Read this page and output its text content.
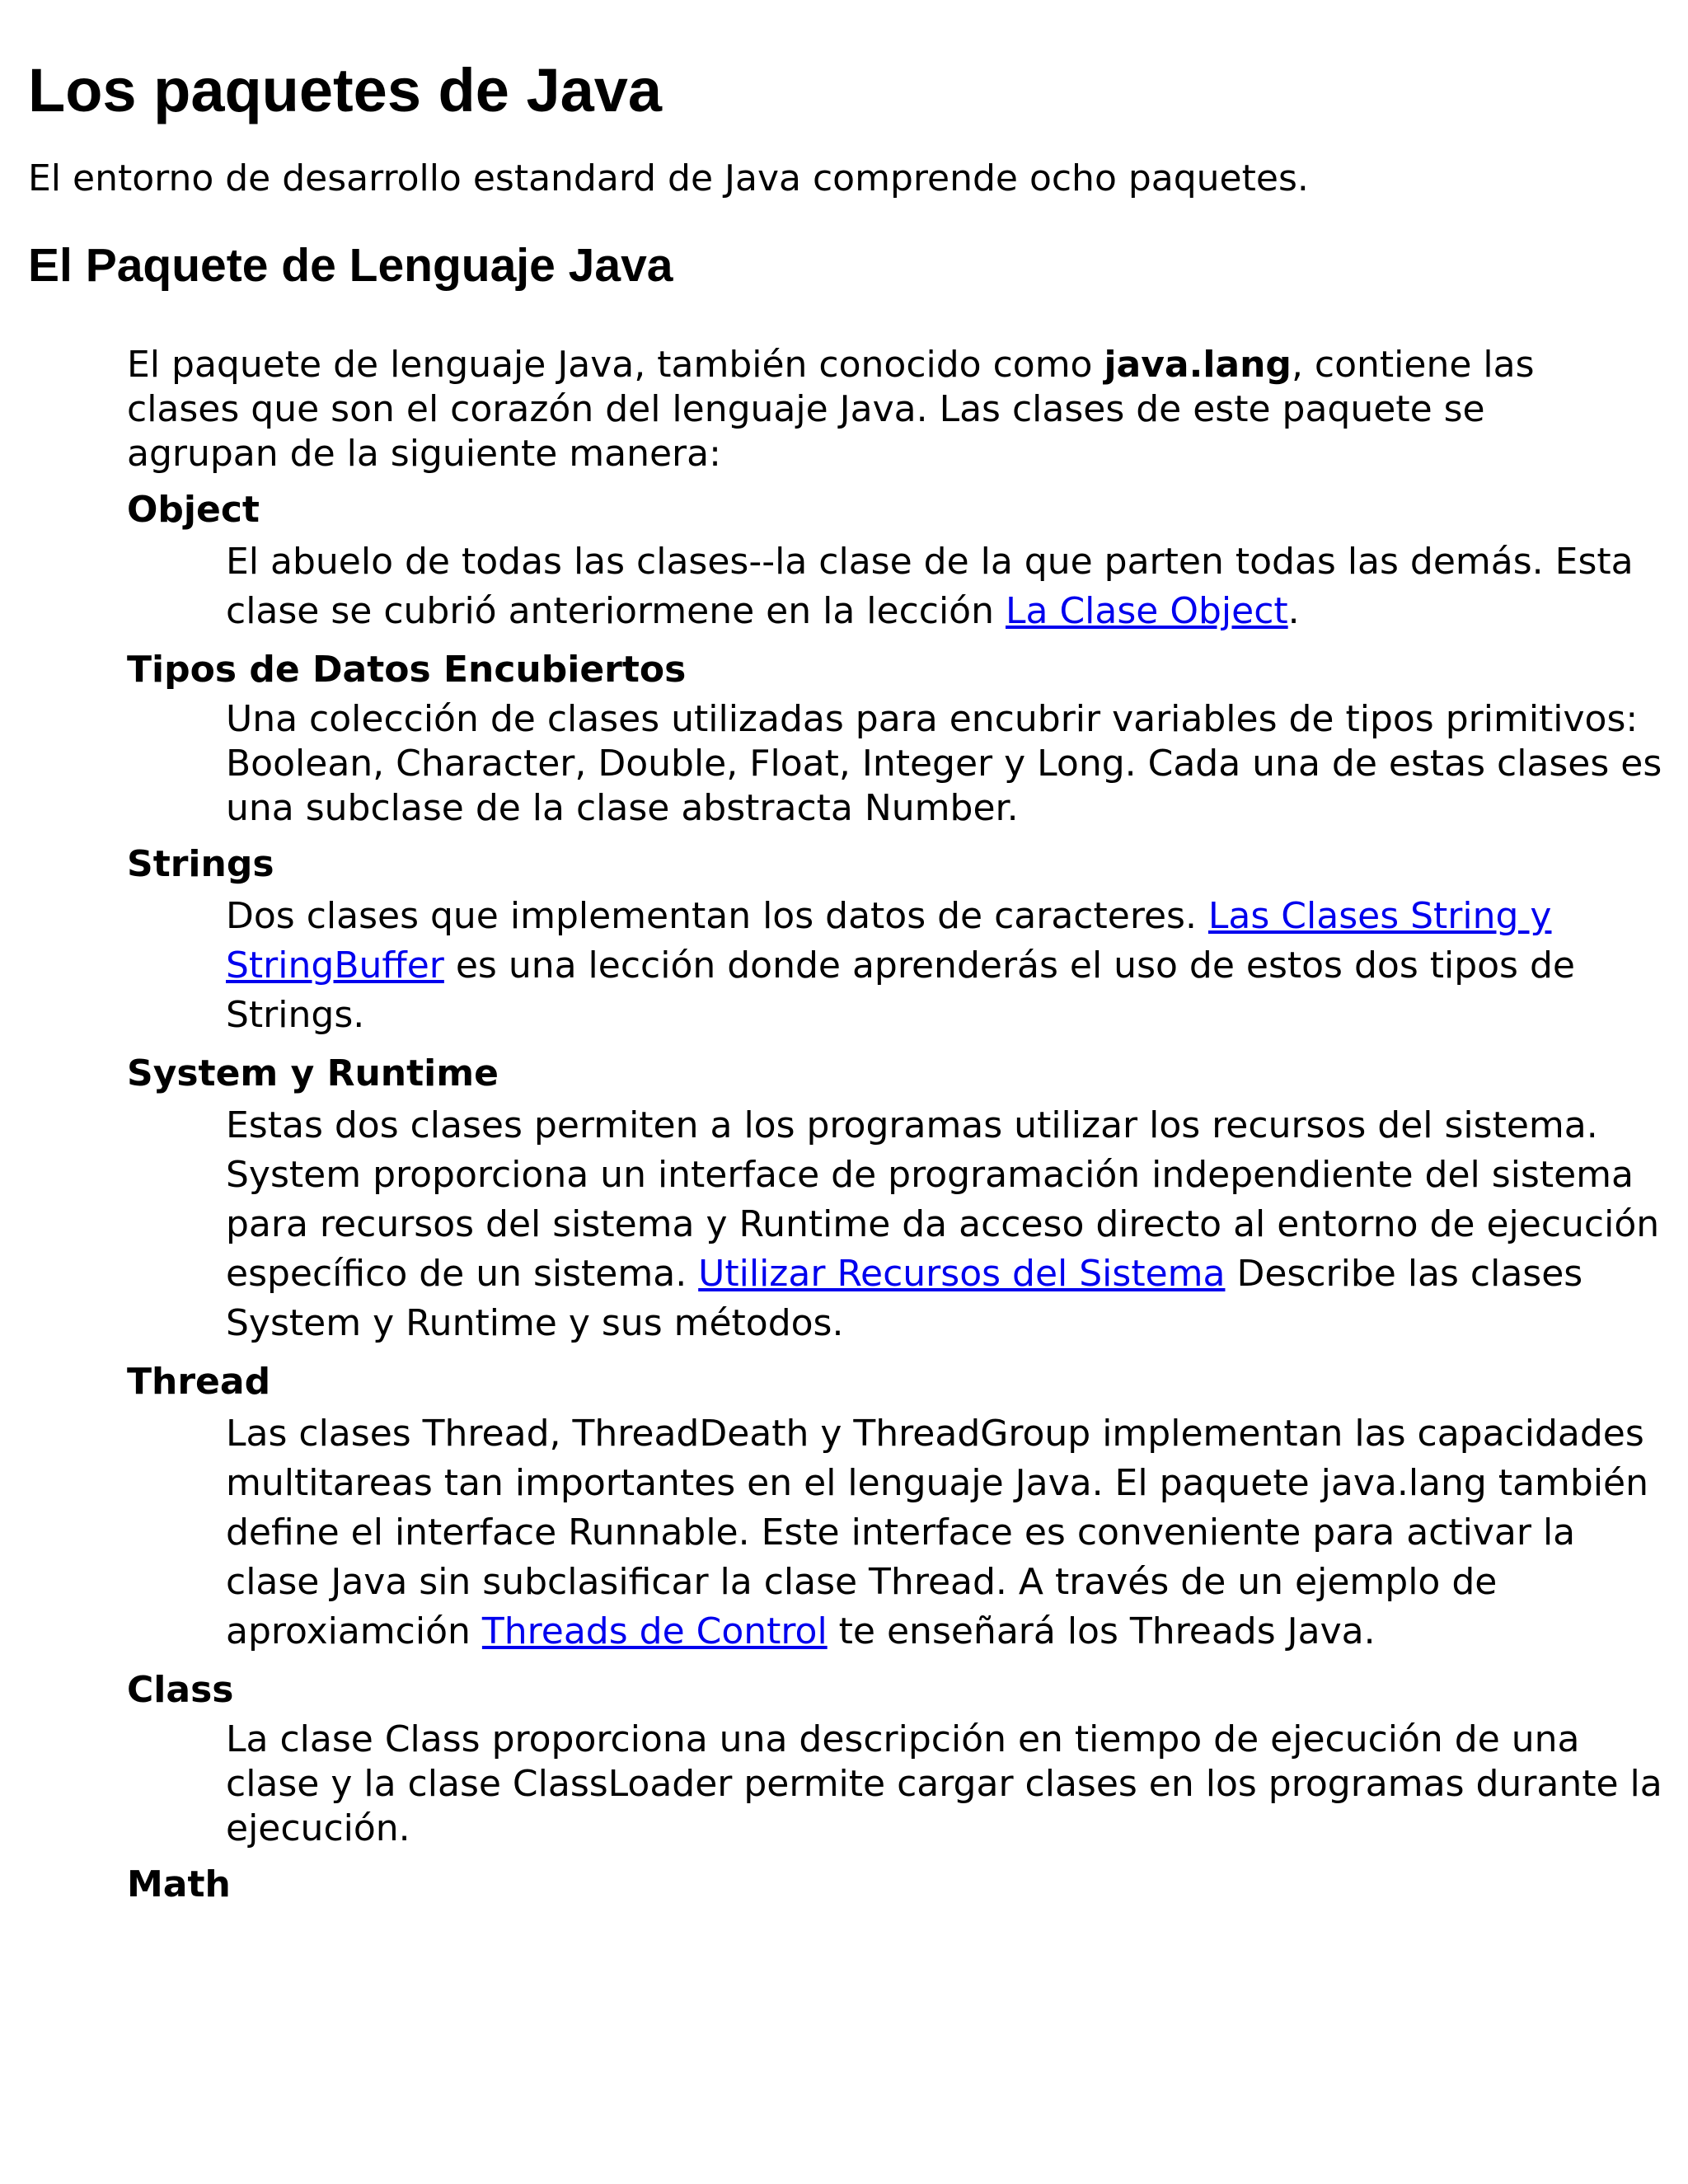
Los paquetes de Java

El entorno de desarrollo estandard de Java comprende ocho paquetes.

El Paquete de Lenguaje Java

El paquete de lenguaje Java, también conocido como java.lang, contiene las clases que son el corazón del lenguaje Java. Las clases de este paquete se agrupan de la siguiente manera:

Object
El abuelo de todas las clases--la clase de la que parten todas las demás. Esta clase se cubrió anteriormene en la lección La Clase Object.
Tipos de Datos Encubiertos
Una colección de clases utilizadas para encubrir variables de tipos primitivos: Boolean, Character, Double, Float, Integer y Long. Cada una de estas clases es una subclase de la clase abstracta Number.
Strings
Dos clases que implementan los datos de caracteres. Las Clases String y StringBuffer es una lección donde aprenderás el uso de estos dos tipos de Strings.
System y Runtime
Estas dos clases permiten a los programas utilizar los recursos del sistema. System proporciona un interface de programación independiente del sistema para recursos del sistema y Runtime da acceso directo al entorno de ejecución específico de un sistema. Utilizar Recursos del Sistema Describe las clases System y Runtime y sus métodos.
Thread
Las clases Thread, ThreadDeath y ThreadGroup implementan las capacidades multitareas tan importantes en el lenguaje Java. El paquete java.lang también define el interface Runnable. Este interface es conveniente para activar la clase Java sin subclasificar la clase Thread. A través de un ejemplo de aproxiamción Threads de Control te enseñará los Threads Java.
Class
La clase Class proporciona una descripción en tiempo de ejecución de una clase y la clase ClassLoader permite cargar clases en los programas durante la ejecución.
Math
